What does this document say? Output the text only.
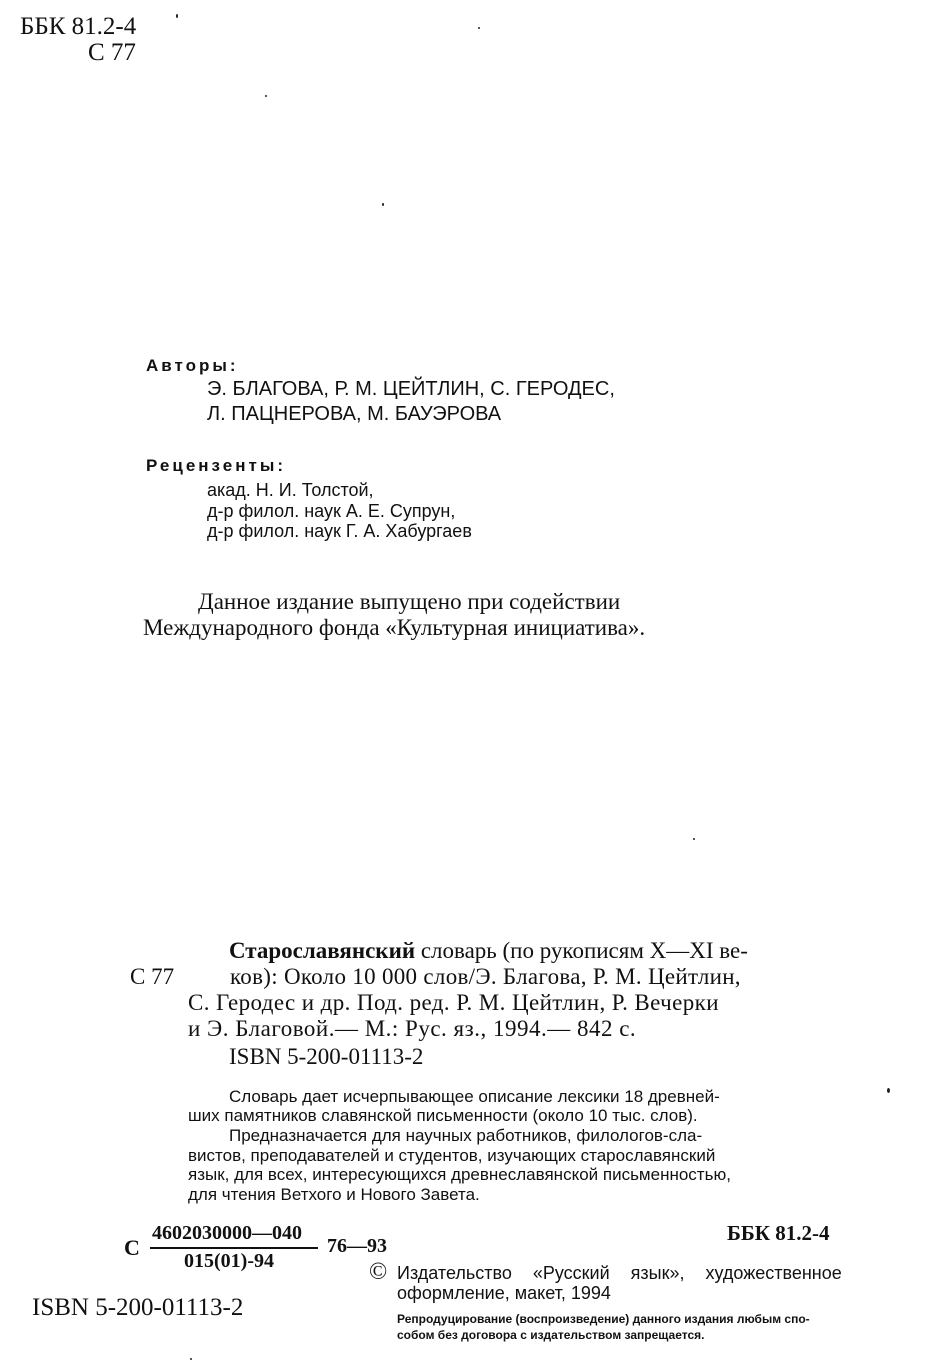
ББК 81.2-4
С 77
Авторы:
Э. БЛАГОВА, Р. М. ЦЕЙТЛИН, С. ГЕРОДЕС,
Л. ПАЦНЕРОВА, М. БАУЭРОВА
Рецензенты:
акад. Н. И. Толстой,
д-р филол. наук А. Е. Супрун,
д-р филол. наук Г. А. Хабургаев
Данное издание выпущено при содействии
Международного фонда «Культурная инициатива».
Старославянский словарь (по рукописям X—XI ве-
С 77 ков): Около 10 000 слов/Э. Благова, Р. М. Цейтлин,
С. Геродес и др. Под. ред. Р. М. Цейтлин, Р. Вечерки
и Э. Благовой.— М.: Рус. яз., 1994.— 842 с.
ISBN 5-200-01113-2
Словарь дает исчерпывающее описание лексики 18 древней-
ших памятников славянской письменности (около 10 тыс. слов).
Предназначается для научных работников, филологов-сла-
вистов, преподавателей и студентов, изучающих старославянский
язык, для всех, интересующихся древнеславянской письменностью,
для чтения Ветхого и Нового Завета.
С
4602030000—040
015(01)-94
76—93
ББК 81.2-4
ISBN 5-200-01113-2
© Издательство «Русский язык», художественное
оформление, макет, 1994
Репродуцирование (воспроизведение) данного издания любым спо-
собом без договора с издательством запрещается.
